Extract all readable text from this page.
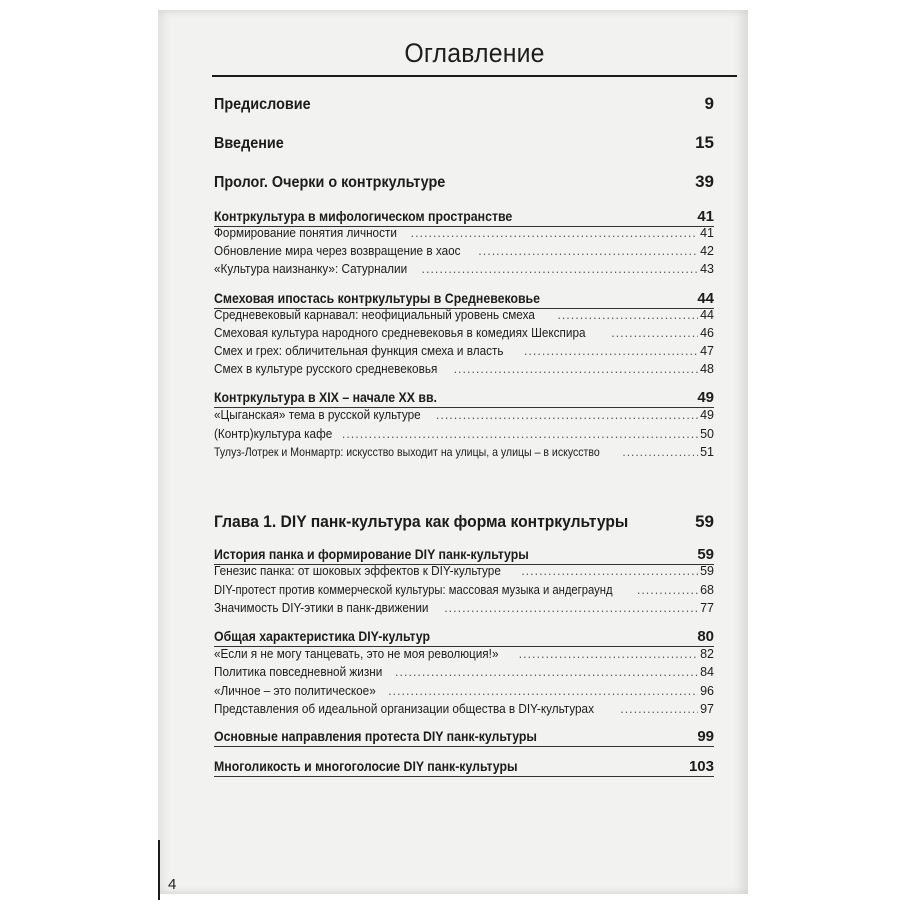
Оглавление
Предисловие	9
Введение	15
Пролог. Очерки о контркультуре	39
Контркультура в мифологическом пространстве	41
Формирование понятия личности .....	41
Обновление мира через возвращение в хаос .....	42
«Культура наизнанку»: Сатурналии .....	43
Смеховая ипостась контркультуры в Средневековье	44
Средневековый карнавал: неофициальный уровень смеха .....	44
Смеховая культура народного средневековья в комедиях Шекспира .....	46
Смех и грех: обличительная функция смеха и власть .....	47
Смех в культуре русского средневековья .....	48
Контркультура в XIX – начале XX вв.	49
«Цыганская» тема в русской культуре .....	49
(Контр)культура кафе .....	50
Тулуз-Лотрек и Монмартр: искусство выходит на улицы, а улицы – в искусство .....	51
Глава 1. DIY панк-культура как форма контркультуры	59
История панка и формирование DIY панк-культуры	59
Генезис панка: от шоковых эффектов к DIY-культуре .....	59
DIY-протест против коммерческой культуры: массовая музыка и андеграунд .....	68
Значимость DIY-этики в панк-движении .....	77
Общая характеристика DIY-культур	80
«Если я не могу танцевать, это не моя революция!» .....	82
Политика повседневной жизни .....	84
«Личное – это политическое» .....	96
Представления об идеальной организации общества в DIY-культурах .....	97
Основные направления протеста DIY панк-культуры	99
Многоликость и многоголосие DIY панк-культуры	103
4
